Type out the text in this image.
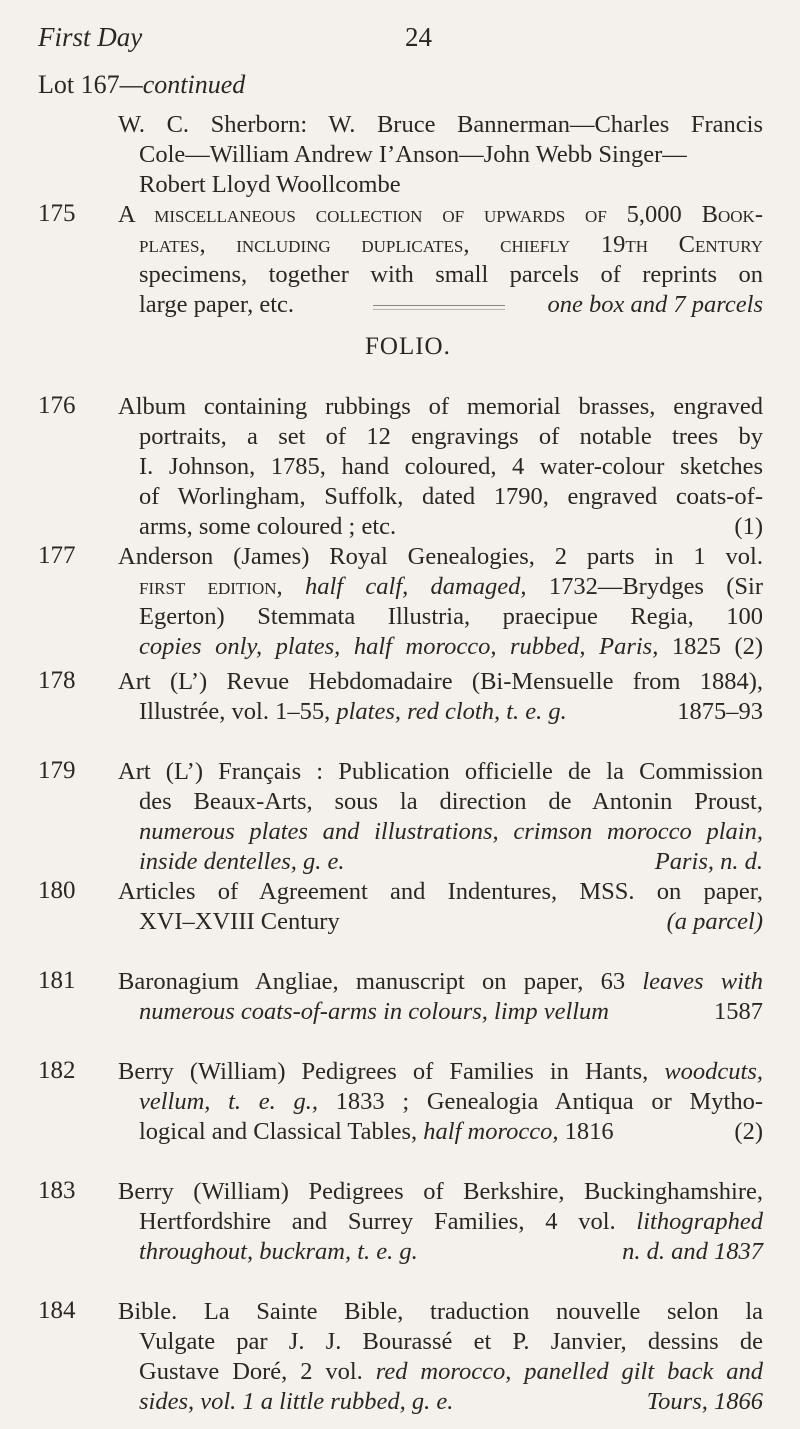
First Day	24
Lot 167—continued
W. C. Sherborn: W. Bruce Bannerman—Charles Francis
Cole—William Andrew I’Anson—John Webb Singer—
Robert Lloyd Woollcombe
175 A miscellaneous collection of upwards of 5,000 Book-
plates, including duplicates, chiefly 19th Century
specimens, together with small parcels of reprints on
large paper, etc.	one box and 7 parcels
FOLIO.
176 Album containing rubbings of memorial brasses, engraved
portraits, a set of 12 engravings of notable trees by
I. Johnson, 1785, hand coloured, 4 water-colour sketches
of Worlingham, Suffolk, dated 1790, engraved coats-of-
arms, some coloured ; etc.	(1)
177 Anderson (James) Royal Genealogies, 2 parts in 1 vol.
first edition, half calf, damaged, 1732—Brydges (Sir
Egerton) Stemmata Illustria, praecipue Regia, 100
copies only, plates, half morocco, rubbed, Paris, 1825 (2)
178 Art (L’) Revue Hebdomadaire (Bi-Mensuelle from 1884),
Illustrée, vol. 1–55, plates, red cloth, t. e. g.	1875–93
179 Art (L’) Français : Publication officielle de la Commission
des Beaux-Arts, sous la direction de Antonin Proust,
numerous plates and illustrations, crimson morocco plain,
inside dentelles, g. e.	Paris, n. d.
180 Articles of Agreement and Indentures, MSS. on paper,
XVI–XVIII Century	(a parcel)
181 Baronagium Angliae, manuscript on paper, 63 leaves with
numerous coats-of-arms in colours, limp vellum	1587
182 Berry (William) Pedigrees of Families in Hants, woodcuts,
vellum, t. e. g., 1833 ; Genealogia Antiqua or Mytho-
logical and Classical Tables, half morocco, 1816	(2)
183 Berry (William) Pedigrees of Berkshire, Buckinghamshire,
Hertfordshire and Surrey Families, 4 vol. lithographed
throughout, buckram, t. e. g.	n. d. and 1837
184 Bible. La Sainte Bible, traduction nouvelle selon la
Vulgate par J. J. Bourassé et P. Janvier, dessins de
Gustave Doré, 2 vol. red morocco, panelled gilt back and
sides, vol. 1 a little rubbed, g. e.	Tours, 1866
